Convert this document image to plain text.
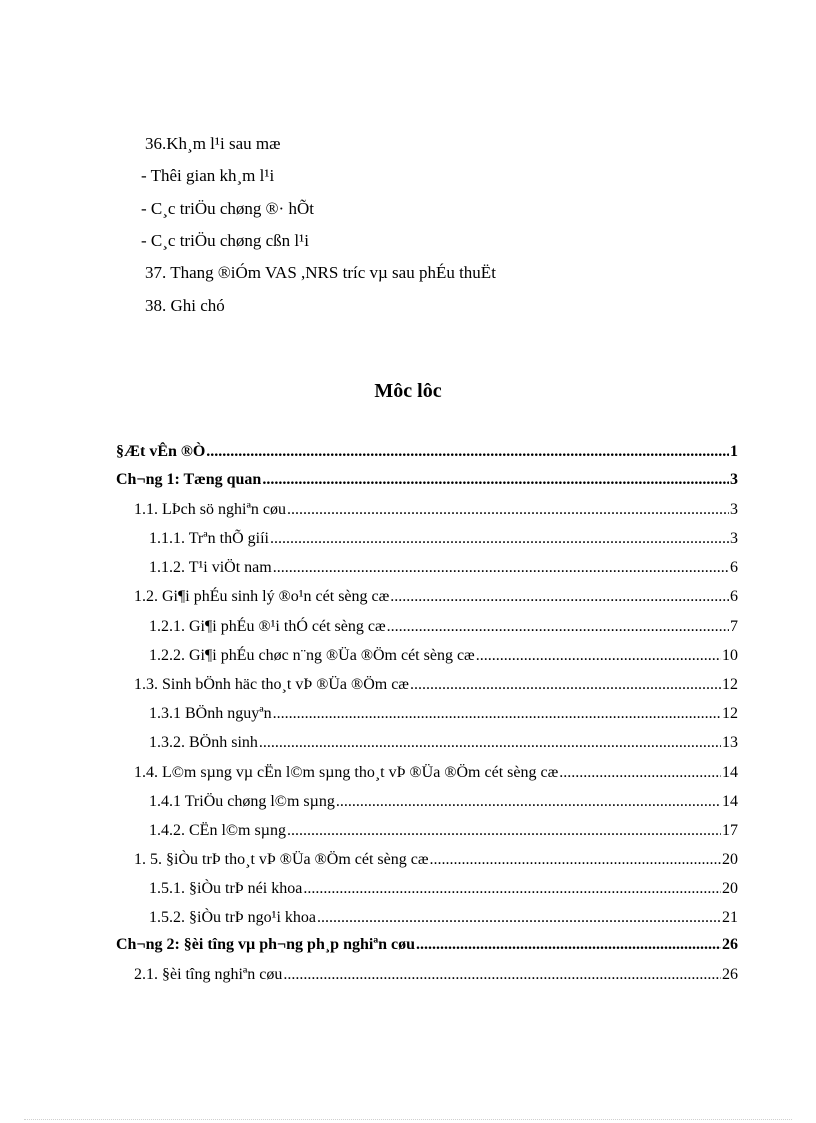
36.Kh¸m l¹i sau mæ
- Thêi gian kh¸m l¹i
- C¸c triÖu chøng ®· hÕt
- C¸c triÖu chøng cßn l¹i
37. Thang ®iÓm VAS ,NRS tríc vµ sau phÉu thuËt
38. Ghi chó
Môc lôc
§Æt vÊn ®Ò .....	1
Ch¬ng 1: Tæng quan .....	3
1.1. LÞch sö nghiªn cøu .....	3
1.1.1. Trªn thÕ giíi .....	3
1.1.2. T¹i viÖt nam .....	6
1.2. Gi¶i phÉu sinh lý ®o¹n cét sèng cæ .....	6
1.2.1. Gi¶i phÉu ®¹i thÓ cét sèng cæ .....	7
1.2.2. Gi¶i phÉu chøc n¨ng ®Üa ®Öm cét sèng cæ .....	10
1.3. Sinh bÖnh häc tho¸t vÞ ®Üa ®Öm cæ .....	12
1.3.1 BÖnh nguyªn .....	12
1.3.2. BÖnh sinh .....	13
1.4. L©m sµng vµ cËn l©m sµng tho¸t vÞ ®Üa ®Öm cét sèng cæ .....	14
1.4.1 TriÖu chøng l©m sµng .....	14
1.4.2. CËn l©m sµng .....	17
1. 5. §iÒu trÞ tho¸t vÞ ®Üa ®Öm cét sèng cæ .....	20
1.5.1. §iÒu trÞ néi khoa .....	20
1.5.2. §iÒu trÞ ngo¹i khoa .....	21
Ch¬ng 2: §èi tîng vµ ph¬ng ph¸p nghiªn cøu .....	26
2.1. §èi tîng nghiªn cøu .....	26
